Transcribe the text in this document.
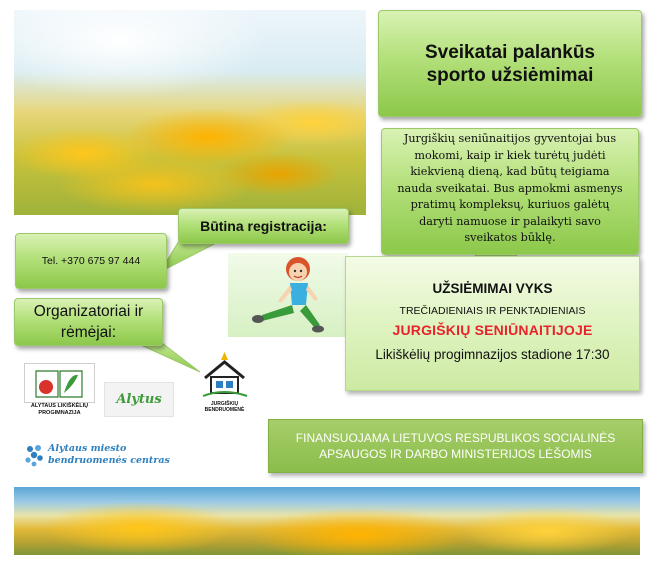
Sveikatai palankūs
sporto užsiėmimai
Jurgiškių seniūnaitijos gyventojai bus
mokomi, kaip ir kiek turėtų judėti
kiekvieną dieną, kad būtų teigiama
nauda sveikatai. Bus apmokmi asmenys
pratimų kompleksų, kuriuos galėtų
daryti namuose ir palaikyti savo
sveikatos būklę.
Būtina registracija:
Tel. +370 675 97 444
Organizatoriai ir
rėmėjai:
UŽSIĖMIMAI VYKS
TREČIADIENIAIS IR PENKTADIENIAIS
JURGIŠKIŲ SENIŪNAITIJOJE
Likiškėlių progimnazijos stadione 17:30
ALYTAUS LIKIŠKĖLIŲ
PROGIMNAZIJA
Alytus	JURGIŠKIŲ
BENDRUOMENĖ
Alytaus miesto
bendruomenės centras
FINANSUOJAMA LIETUVOS RESPUBLIKOS SOCIALINĖS
APSAUGOS IR DARBO MINISTERIJOS LĖŠOMIS
